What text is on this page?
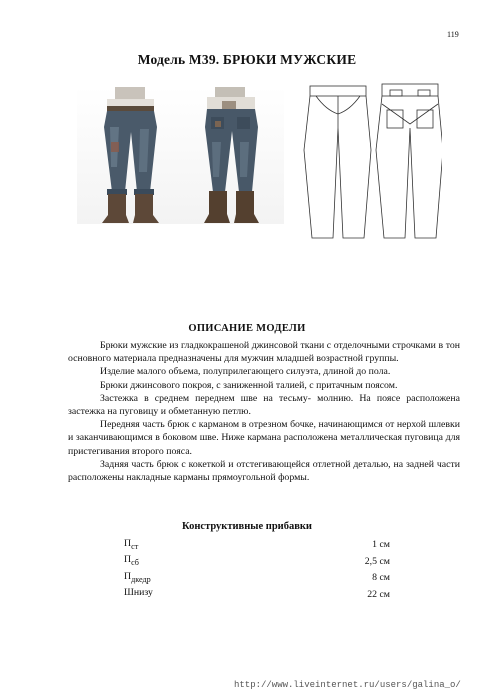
119
Модель М39. БРЮКИ МУЖСКИЕ
ОПИСАНИЕ МОДЕЛИ

Брюки мужские из гладкокрашеной джинсовой ткани с отделочными строчками в тон основного материала предназначены для мужчин младшей возрастной группы.

Изделие малого объема, полуприлегающего силуэта, длиной до пола.

Брюки джинсового покроя, с заниженной талией, с притачным поясом.

Застежка в среднем переднем шве на тесьму- молнию. На поясе расположена застежка на пуговицу и обметанную петлю.

Передняя часть брюк с карманом в отрезном бочке, начинающимся от нерхой шлевки и заканчивающимся в боковом шве. Ниже кармана расположена металлическая пуговица для пристегивания второго пояса.

Задняя часть брюк с кокеткой и отстегивающейся отлетной деталью, на задней части расположены накладные карманы прямоугольной формы.

Конструктивные прибавки
$П_{ст}$	1 см
$П_{сб}$	2,5 см
$П_{дкедр}$	8 см
Шнизу	22 см
http://www.liveinternet.ru/users/galina_o/
